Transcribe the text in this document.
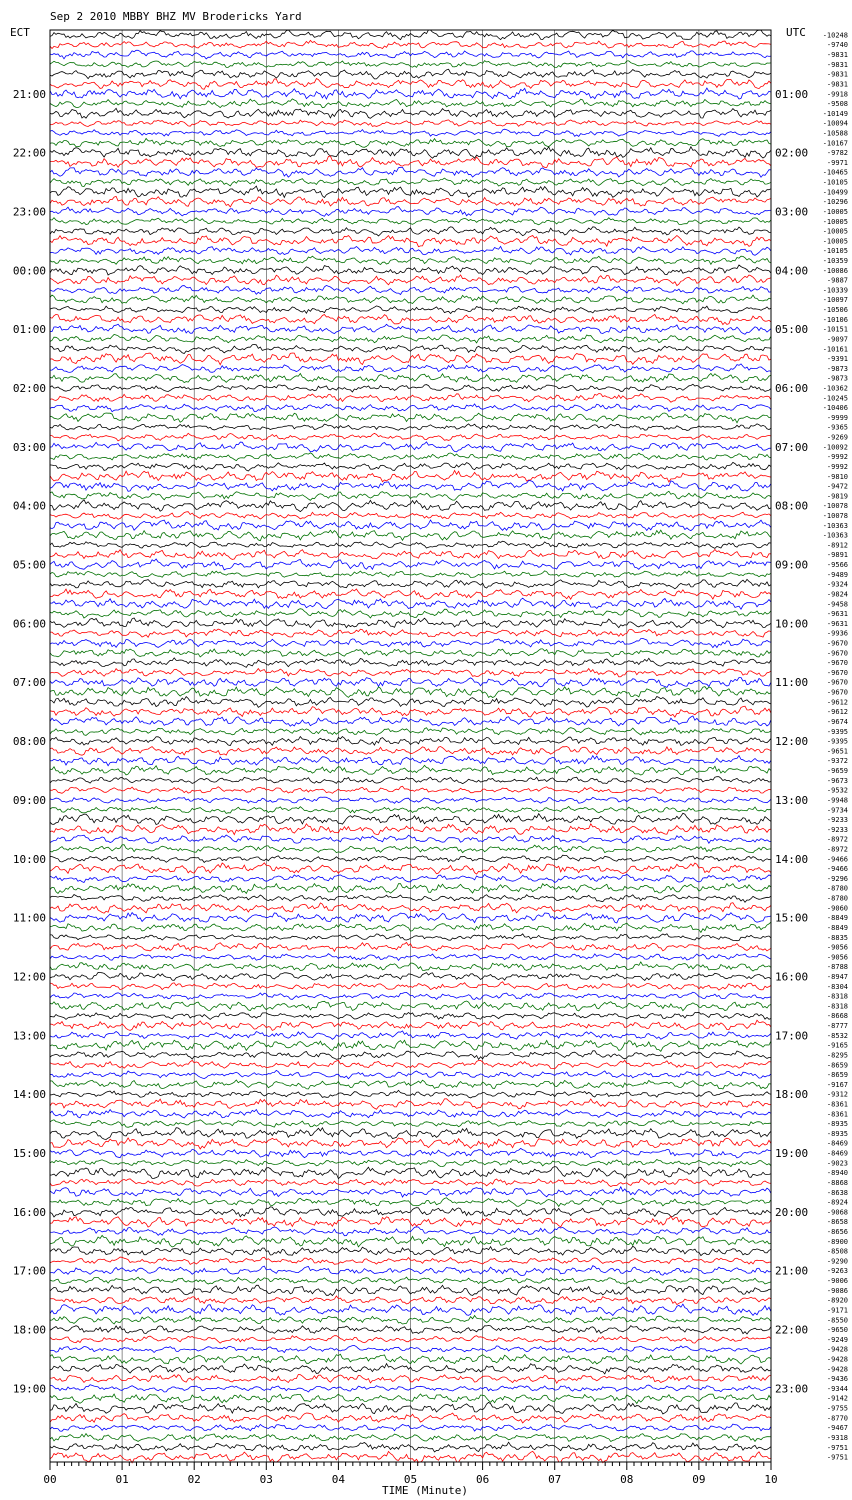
Sep 2 2010 MBBY BHZ MV Brodericks Yard
ECT	UTC
21:00
22:00
23:00
00:00
01:00
02:00
03:00
04:00
05:00
06:00
07:00
08:00
09:00
10:00
11:00
12:00
13:00
14:00
15:00
16:00
17:00
18:00
19:00
01:00
02:00
03:00
04:00
05:00
06:00
07:00
08:00
09:00
10:00
11:00
12:00
13:00
14:00
15:00
16:00
17:00
18:00
19:00
20:00
21:00
22:00
23:00
-10248
-9740
-9831
-9831
-9831
-9831
-9918
-9508
-10149
-10094
-10588
-10167
-9782
-9971
-10465
-10105
-10499
-10296
-10005
-10005
-10005
-10005
-10105
-10359
-10086
-9887
-10339
-10097
-10506
-10106
-10151
-9097
-10161
-9391
-9873
-9873
-10362
-10245
-10406
-9999
-9365
-9269
-10092
-9992
-9992
-9810
-9472
-9819
-10078
-10078
-10363
-10363
-8912
-9891
-9566
-9489
-9324
-9824
-9458
-9631
-9631
-9936
-9670
-9670
-9670
-9670
-9670
-9670
-9612
-9612
-9674
-9395
-9395
-9651
-9372
-9659
-9673
-9532
-9948
-9734
-9233
-9233
-8972
-8972
-9466
-9466
-9296
-8780
-8780
-9060
-8849
-8849
-8835
-9056
-9056
-8788
-8947
-8304
-8318
-8318
-8668
-8777
-8532
-9165
-8295
-8659
-8659
-9167
-9312
-8361
-8361
-8935
-8935
-8469
-8469
-9023
-8940
-8868
-8638
-8924
-9068
-8658
-8656
-8900
-8508
-9290
-9263
-9006
-9086
-8920
-9171
-8550
-9650
-9249
-9428
-9428
-9428
-9436
-9344
-9142
-9755
-8770
-9467
-9318
-9751
-9751
00	01	02	03	04	05	06	07	08	09	10
TIME (Minute)
